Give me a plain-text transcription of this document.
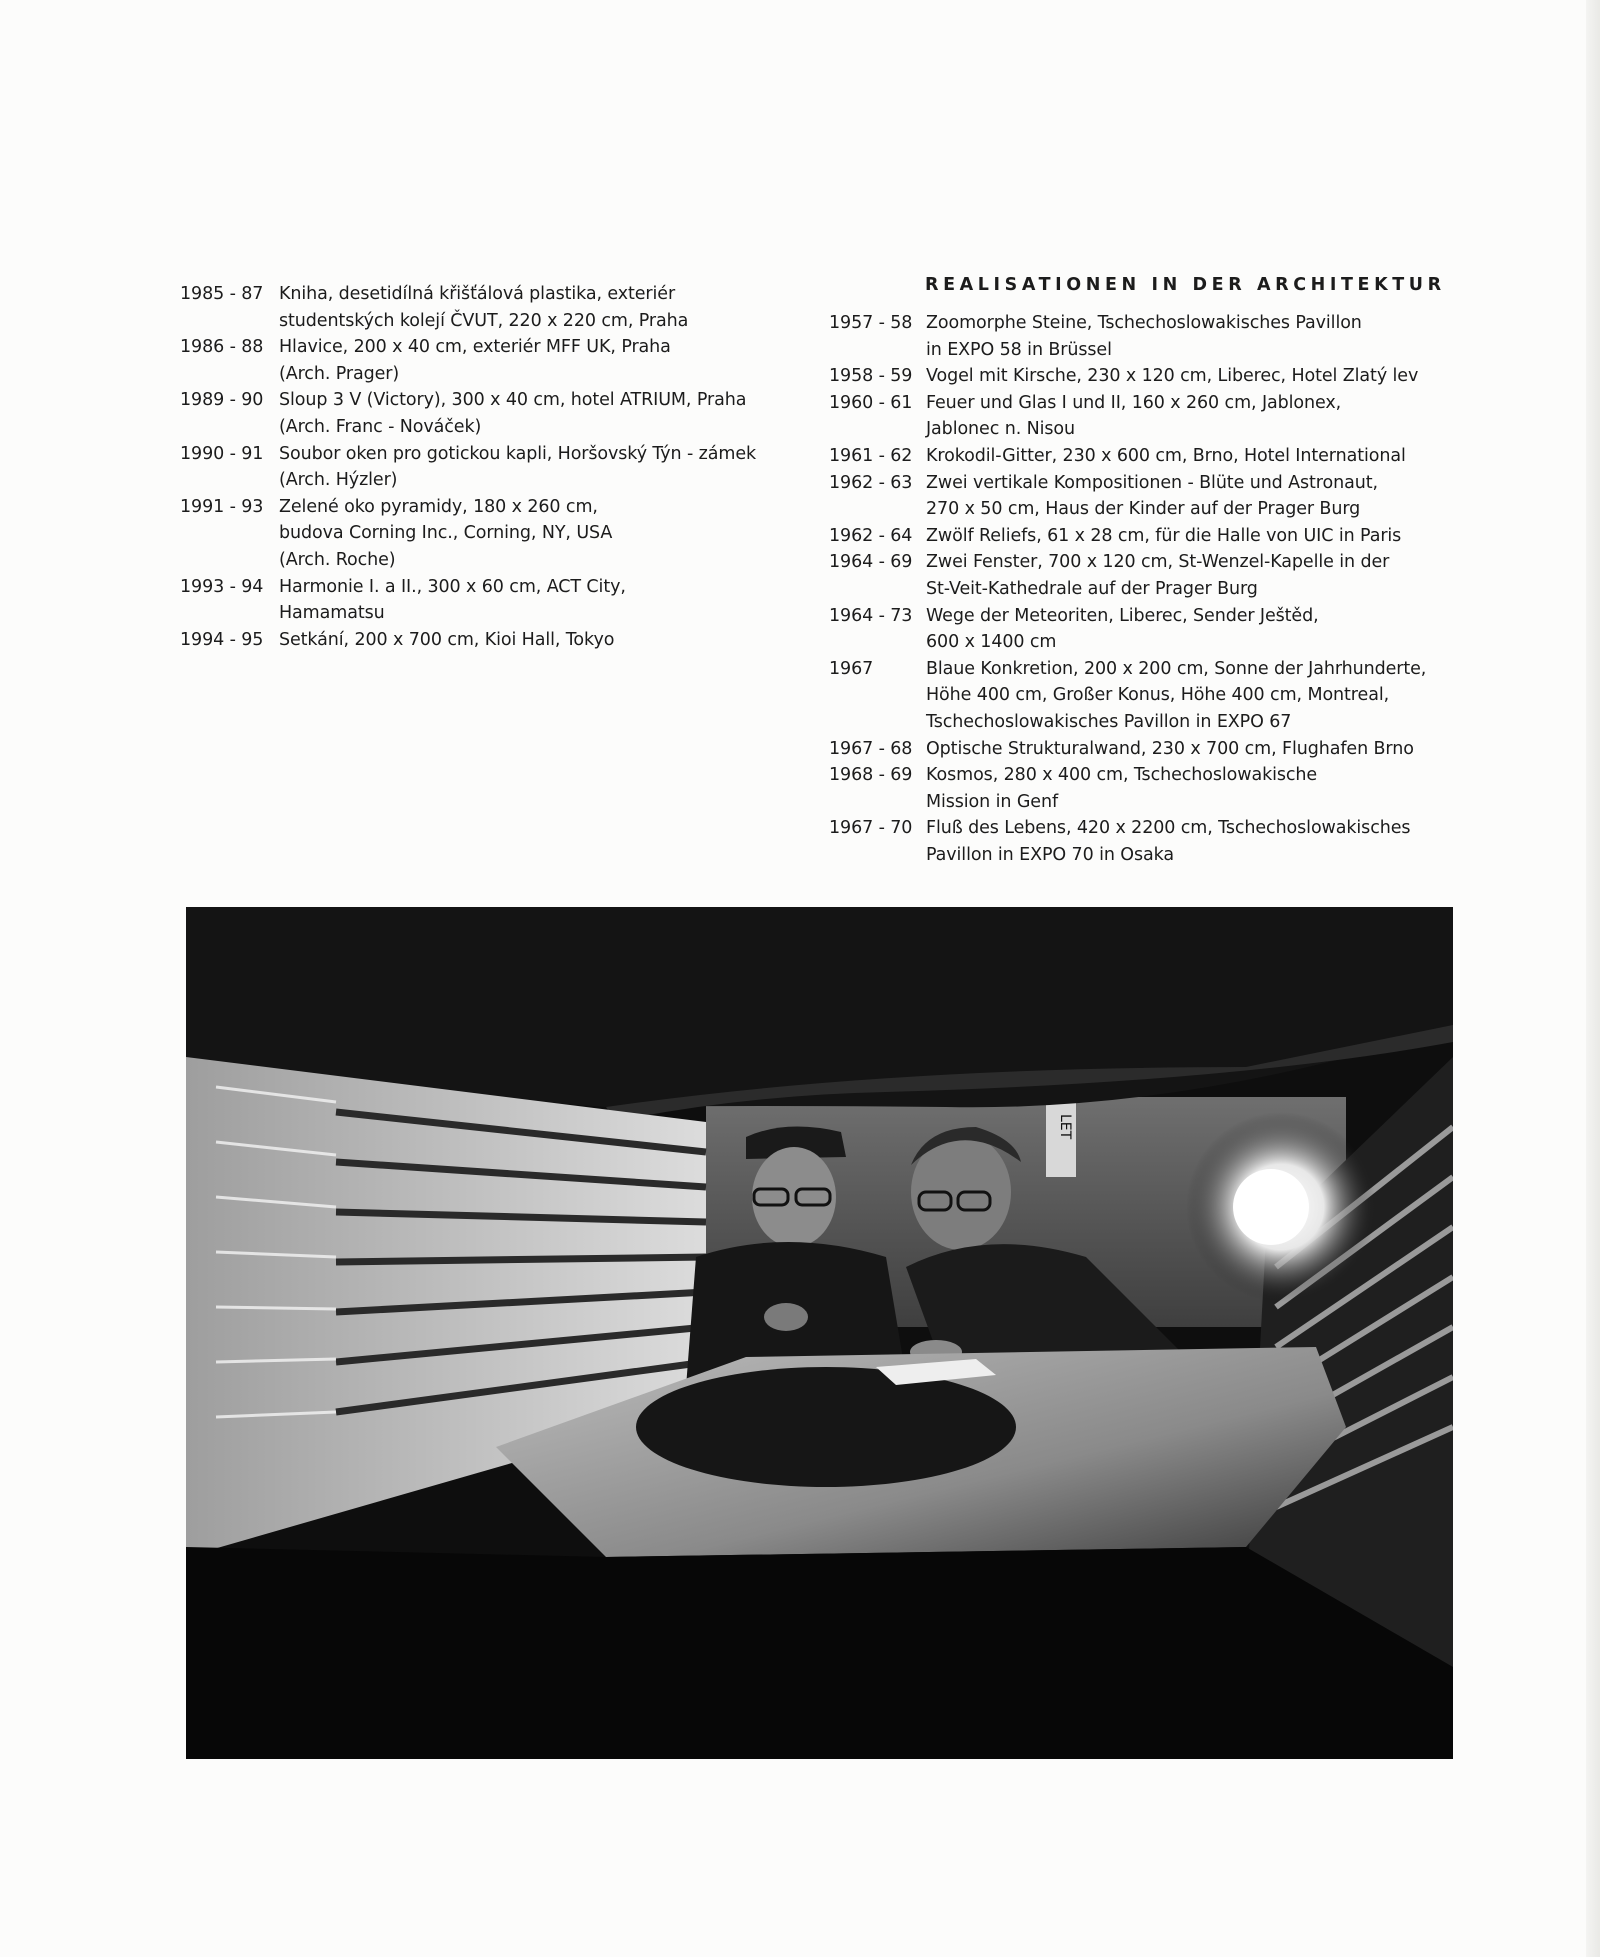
1985 - 87 Kniha, desetidílná křišťálová plastika, exteriér
studentských kolejí ČVUT, 220 x 220 cm, Praha
1986 - 88 Hlavice, 200 x 40 cm, exteriér MFF UK, Praha
(Arch. Prager)
1989 - 90 Sloup 3 V (Victory), 300 x 40 cm, hotel ATRIUM, Praha
(Arch. Franc - Nováček)
1990 - 91 Soubor oken pro gotickou kapli, Horšovský Týn - zámek
(Arch. Hýzler)
1991 - 93 Zelené oko pyramidy, 180 x 260 cm,
budova Corning Inc., Corning, NY, USA
(Arch. Roche)
1993 - 94 Harmonie I. a II., 300 x 60 cm, ACT City,
Hamamatsu
1994 - 95 Setkání, 200 x 700 cm, Kioi Hall, Tokyo
REALISATIONEN IN DER ARCHITEKTUR
1957 - 58 Zoomorphe Steine, Tschechoslowakisches Pavillon
in EXPO 58 in Brüssel
1958 - 59 Vogel mit Kirsche, 230 x 120 cm, Liberec, Hotel Zlatý lev
1960 - 61 Feuer und Glas I und II, 160 x 260 cm, Jablonex,
Jablonec n. Nisou
1961 - 62 Krokodil-Gitter, 230 x 600 cm, Brno, Hotel International
1962 - 63 Zwei vertikale Kompositionen - Blüte und Astronaut,
270 x 50 cm, Haus der Kinder auf der Prager Burg
1962 - 64 Zwölf Reliefs, 61 x 28 cm, für die Halle von UIC in Paris
1964 - 69 Zwei Fenster, 700 x 120 cm, St-Wenzel-Kapelle in der
St-Veit-Kathedrale auf der Prager Burg
1964 - 73 Wege der Meteoriten, Liberec, Sender Ještěd,
600 x 1400 cm
1967	Blaue Konkretion, 200 x 200 cm, Sonne der Jahrhunderte,
Höhe 400 cm, Großer Konus, Höhe 400 cm, Montreal,
Tschechoslowakisches Pavillon in EXPO 67
1967 - 68 Optische Strukturalwand, 230 x 700 cm, Flughafen Brno
1968 - 69 Kosmos, 280 x 400 cm, Tschechoslowakische
Mission in Genf
1967 - 70 Fluß des Lebens, 420 x 2200 cm, Tschechoslowakisches
Pavillon in EXPO 70 in Osaka
LET
